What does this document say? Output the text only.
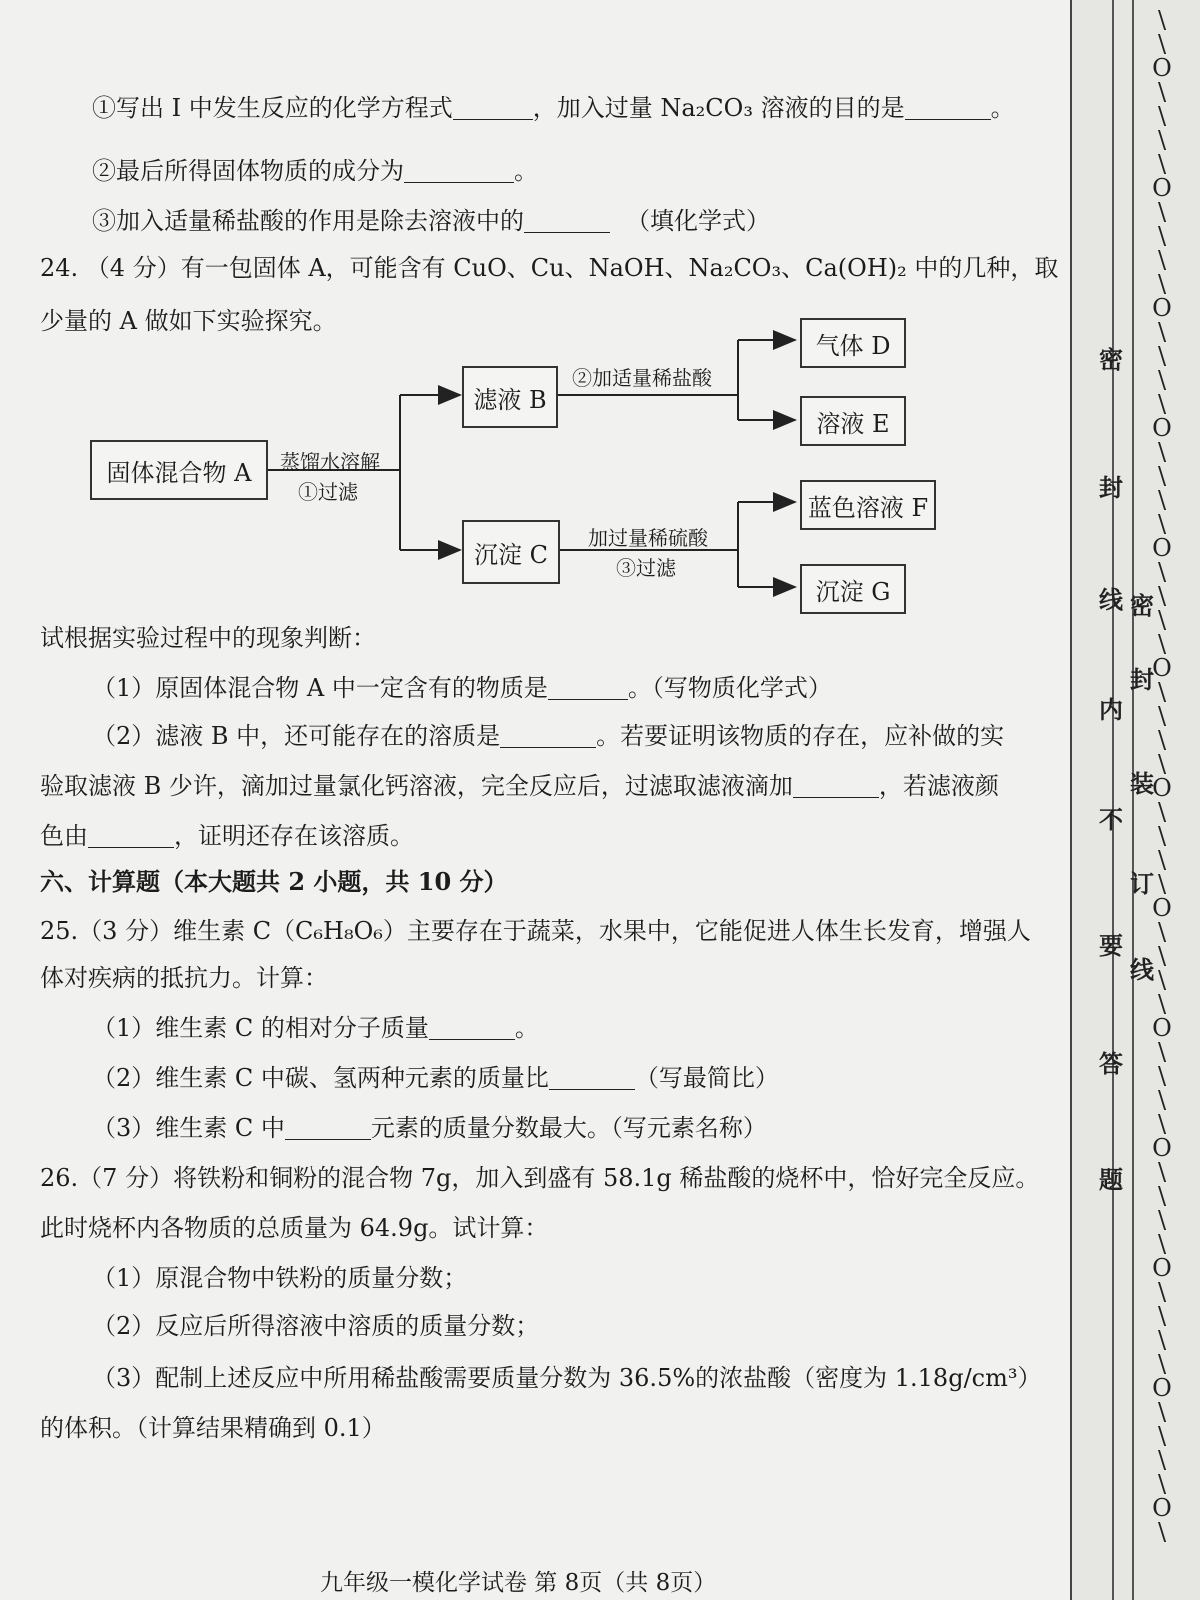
①写出 I 中发生反应的化学方程式	，加入过量 Na₂CO₃ 溶液的目的是	。
②最后所得固体物质的成分为	。
③加入适量稀盐酸的作用是除去溶液中的	（填化学式）
24. （4 分）有一包固体 A，可能含有 CuO、Cu、NaOH、Na₂CO₃、Ca(OH)₂ 中的几种，取
少量的 A 做如下实验探究。
固体混合物 A
滤液 B
沉淀 C
气体 D
溶液 E
蓝色溶液 F
沉淀 G
蒸馏水溶解
①过滤
②加适量稀盐酸
加过量稀硫酸
③过滤
试根据实验过程中的现象判断：
（1）原固体混合物 A 中一定含有的物质是	。（写物质化学式）
（2）滤液 B 中，还可能存在的溶质是	。若要证明该物质的存在，应补做的实
验取滤液 B 少许，滴加过量氯化钙溶液，完全反应后，过滤取滤液滴加	，若滤液颜
色由	，证明还存在该溶质。
六、计算题（本大题共 2 小题，共 10 分）
25.（3 分）维生素 C（C₆H₈O₆）主要存在于蔬菜，水果中，它能促进人体生长发育，增强人
体对疾病的抵抗力。计算：
（1）维生素 C 的相对分子质量	。
（2）维生素 C 中碳、氢两种元素的质量比	（写最简比）
（3）维生素 C 中	元素的质量分数最大。（写元素名称）
26.（7 分）将铁粉和铜粉的混合物 7g，加入到盛有 58.1g 稀盐酸的烧杯中，恰好完全反应。
此时烧杯内各物质的总质量为 64.9g。试计算：
（1）原混合物中铁粉的质量分数；
（2）反应后所得溶液中溶质的质量分数；
（3）配制上述反应中所用稀盐酸需要质量分数为 36.5%的浓盐酸（密度为 1.18g/cm³）
的体积。（计算结果精确到 0.1）
九年级一模化学试卷 第 8页（共 8页）
\
\
O
\
\
\
\
O
\
\
\
\
O
\
\
\
\
O
\
\
\
\
O
\
\
\
\
O
\
\
\
\
O
\
\
\
\
O
\
\
\
\
O
\
\
\
\
O
\
\
\
\
O
\
\
\
\
O
\
\
\
\
O
\
密
封
线 密
封
内
装
不
订
要
线
答
题
